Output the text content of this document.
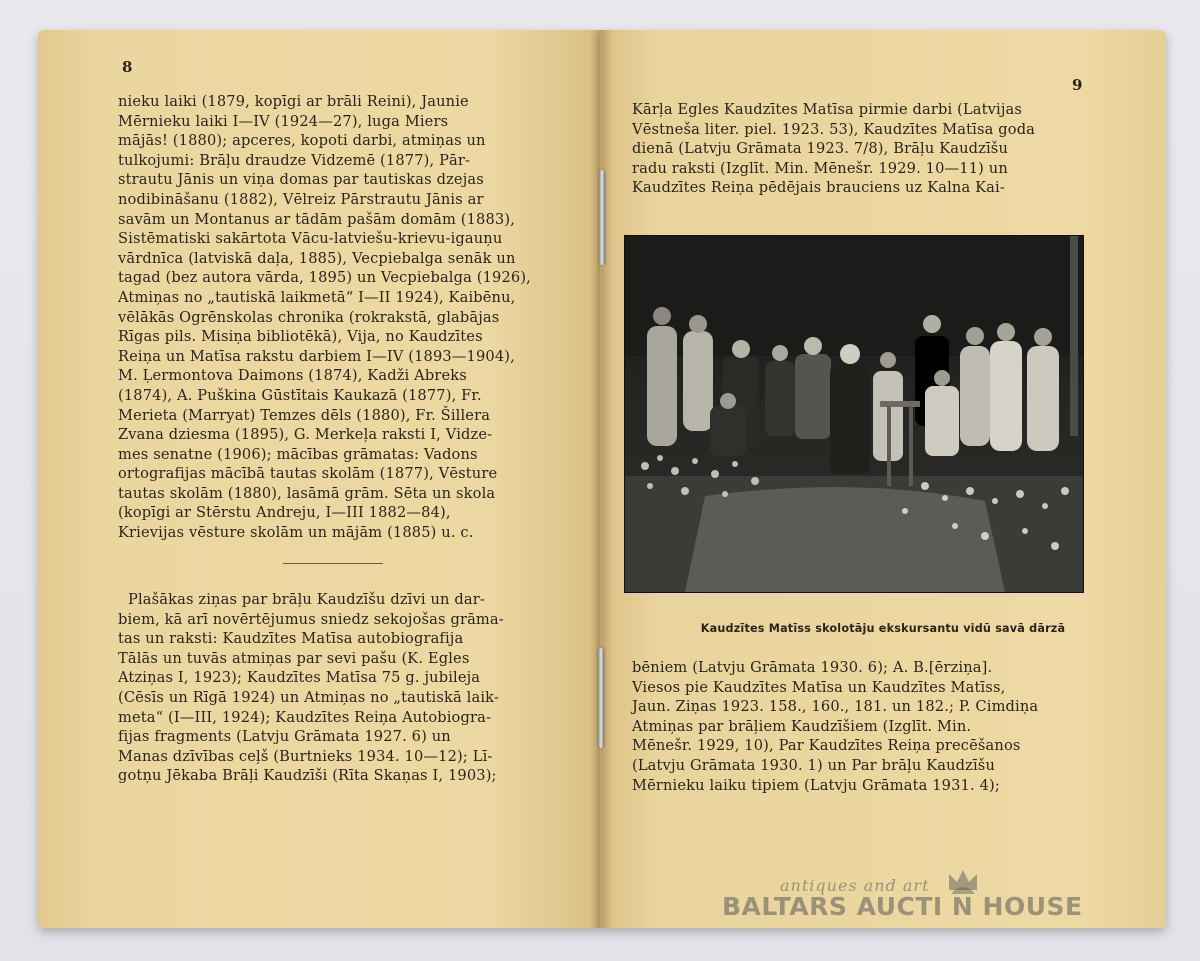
8
nieku laiki (1879, kopīgi ar brāli Reini), Jaunie
Mērnieku laiki I—IV (1924—27), luga Miers
mājās! (1880); apceres, kopoti darbi, atmiņas un
tulkojumi: Brāļu draudze Vidzemē (1877), Pār-
strautu Jānis un viņa domas par tautiskas dzejas
nodibināšanu (1882), Vēlreiz Pārstrautu Jānis ar
savām un Montanus ar tādām pašām domām (1883),
Sistēmatiski sakārtota Vācu-latviešu-krievu-igauņu
vārdnīca (latviskā daļa, 1885), Vecpiebalga senāk un
tagad (bez autora vārda, 1895) un Vecpiebalga (1926),
Atmiņas no „tautiskā laikmetā“ I—II 1924), Kaibēnu,
vēlākās Ogrēnskolas chronika (rokrakstā, glabājas
Rīgas pils. Misiņa bibliotēkā), Vija, no Kaudzītes
Reiņa un Matīsa rakstu darbiem I—IV (1893—1904),
M. Ļermontova Daimons (1874), Kadži Abreks
(1874), A. Puškina Gūstītais Kaukazā (1877), Fr.
Merieta (Marryat) Temzes dēls (1880), Fr. Šillera
Zvana dziesma (1895), G. Merkeļa raksti I, Vidze-
mes senatne (1906); mācības grāmatas: Vadons
ortografijas mācībā tautas skolām (1877), Vēsture
tautas skolām (1880), lasāmā grām. Sēta un skola
(kopīgi ar Stērstu Andreju, I—III 1882—84),
Krievijas vēsture skolām un mājām (1885) u. c.
Plašākas ziņas par brāļu Kaudzīšu dzīvi un dar-
biem, kā arī novērtējumus sniedz sekojošas grāma-
tas un raksti: Kaudzītes Matīsa autobiografija
Tālās un tuvās atmiņas par sevi pašu (K. Egles
Atziņas I, 1923); Kaudzītes Matīsa 75 g. jubileja
(Cēsīs un Rīgā 1924) un Atmiņas no „tautiskā laik-
meta“ (I—III, 1924); Kaudzītes Reiņa Autobiogra-
fijas fragments (Latvju Grāmata 1927. 6) un
Manas dzīvības ceļš (Burtnieks 1934. 10—12); Lī-
gotņu Jēkaba Brāļi Kaudzīši (Rīta Skaņas I, 1903);
9
Kārļa Egles Kaudzītes Matīsa pirmie darbi (Latvijas
Vēstneša liter. piel. 1923. 53), Kaudzītes Matīsa goda
dienā (Latvju Grāmata 1923. 7/8), Brāļu Kaudzīšu
radu raksti (Izglīt. Min. Mēnešr. 1929. 10—11) un
Kaudzītes Reiņa pēdējais brauciens uz Kalna Kai-
Kaudzītes Matīss skolotāju ekskursantu vidū savā dārzā
bēniem (Latvju Grāmata 1930. 6); A. B.[ērziņa].
Viesos pie Kaudzītes Matīsa un Kaudzītes Matīss,
Jaun. Ziņas 1923. 158., 160., 181. un 182.; P. Cimdiņa
Atmiņas par brāļiem Kaudzīšiem (Izglīt. Min.
Mēnešr. 1929, 10), Par Kaudzītes Reiņa precēšanos
(Latvju Grāmata 1930. 1) un Par brāļu Kaudzīšu
Mērnieku laiku tipiem (Latvju Grāmata 1931. 4);
antiques and art
BALTARS AUCTI N HOUSE
